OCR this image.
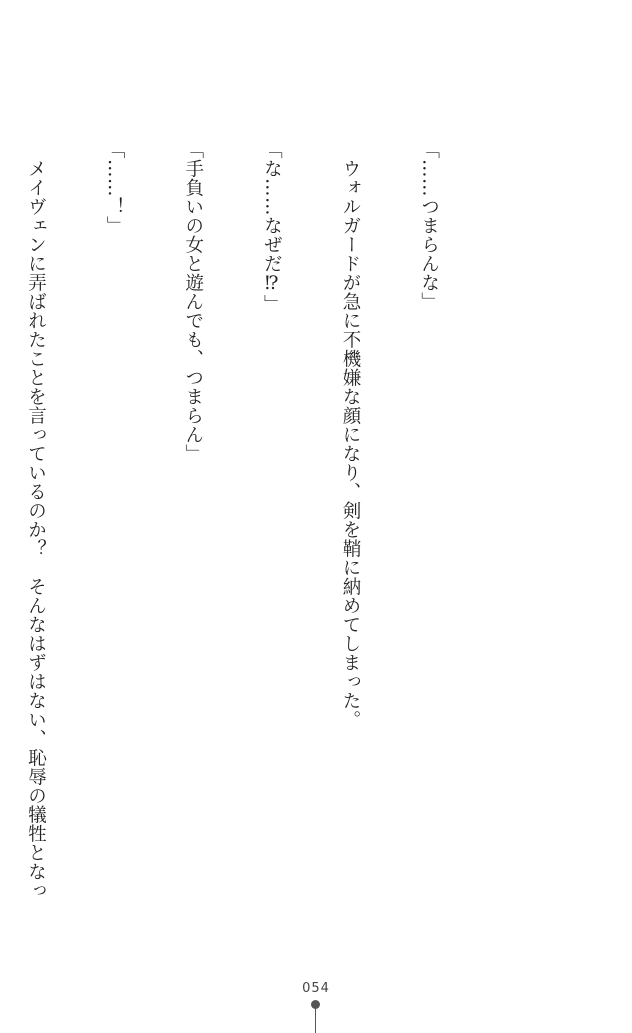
「……つまらんな」

　ウォルガードが急に不機嫌な顔になり、剣を鞘に納めてしまった。

「な……なぜだ⁉」

「手負いの女と遊んでも、つまらん」

「……！」

　メイヴェンに弄ばれたことを言っているのか？　そんなはずはない、恥辱の犠牲となっ

054
